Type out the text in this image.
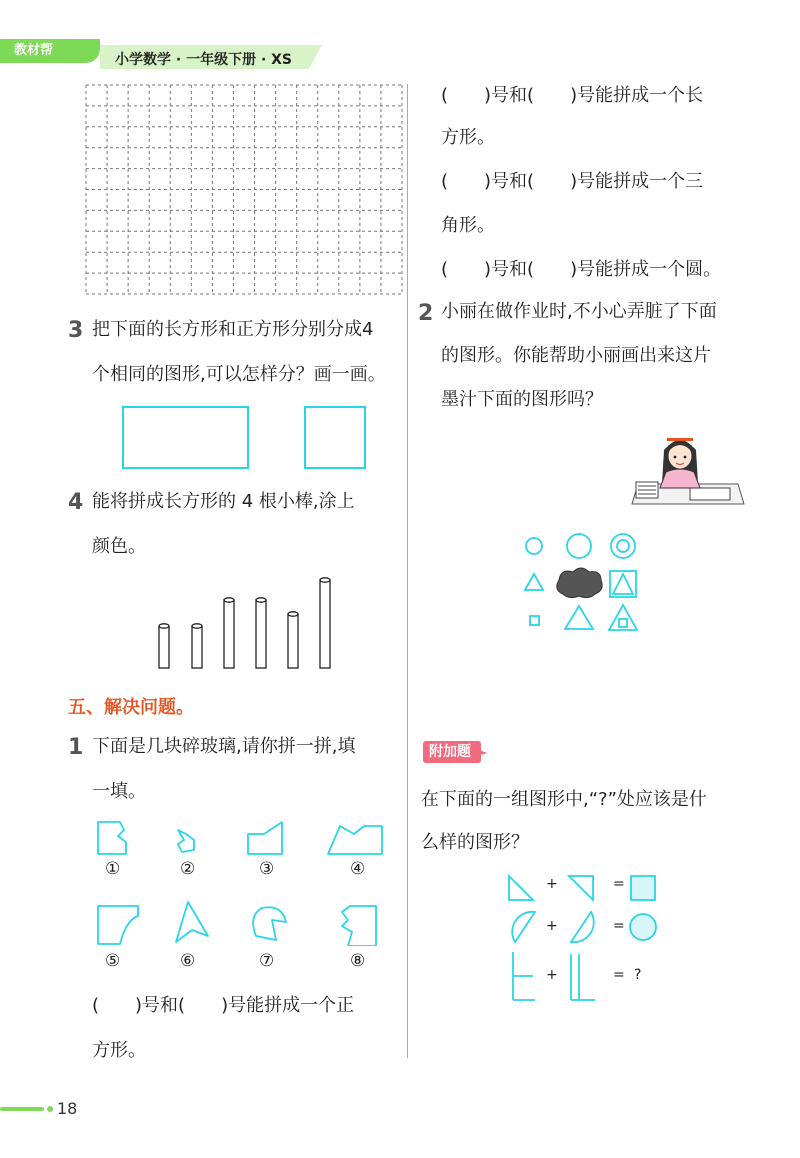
教材帮
小学数学 · 一年级下册 · XS
3 把下面的长方形和正方形分别分成4
个相同的图形,可以怎样分？画一画。
4 能将拼成长方形的 4 根小棒,涂上
颜色。
五、解决问题。
1 下面是几块碎玻璃,请你拼一拼,填
一填。
①	②	③	④
⑤	⑥	⑦	⑧
(　　)号和(　　)号能拼成一个正
方形。
(　　)号和(　　)号能拼成一个长
方形。
(　　)号和(　　)号能拼成一个三
角形。
(　　)号和(　　)号能拼成一个圆。
2 小丽在做作业时,不小心弄脏了下面
的图形。你能帮助小丽画出来这片
墨汁下面的图形吗？
附加题 ►
在下面的一组图形中,“?”处应该是什
么样的图形？
+	=
+	=
+	= ?
18
